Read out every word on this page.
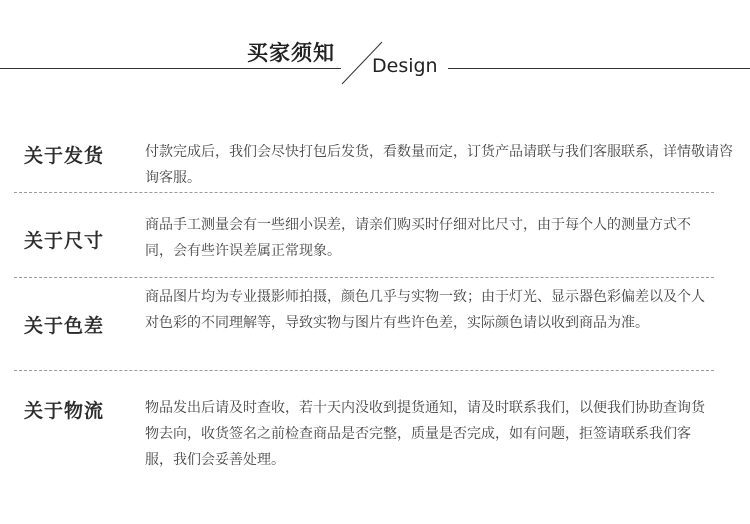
买家须知
Design
关于发货	付款完成后，我们会尽快打包后发货，看数量而定，订货产品请联与我们客服联系，详情敬请咨询客服。
关于尺寸
商品手工测量会有一些细小误差，请亲们购买时仔细对比尺寸，由于每个人的测量方式不同，会有些许误差属正常现象。
关于色差
商品图片均为专业摄影师拍摄，颜色几乎与实物一致；由于灯光、显示器色彩偏差以及个人对色彩的不同理解等，导致实物与图片有些许色差，实际颜色请以收到商品为准。
关于物流	物品发出后请及时查收，若十天内没收到提货通知，请及时联系我们，以便我们协助查询货物去向，收货签名之前检查商品是否完整，质量是否完成，如有问题，拒签请联系我们客服，我们会妥善处理。
